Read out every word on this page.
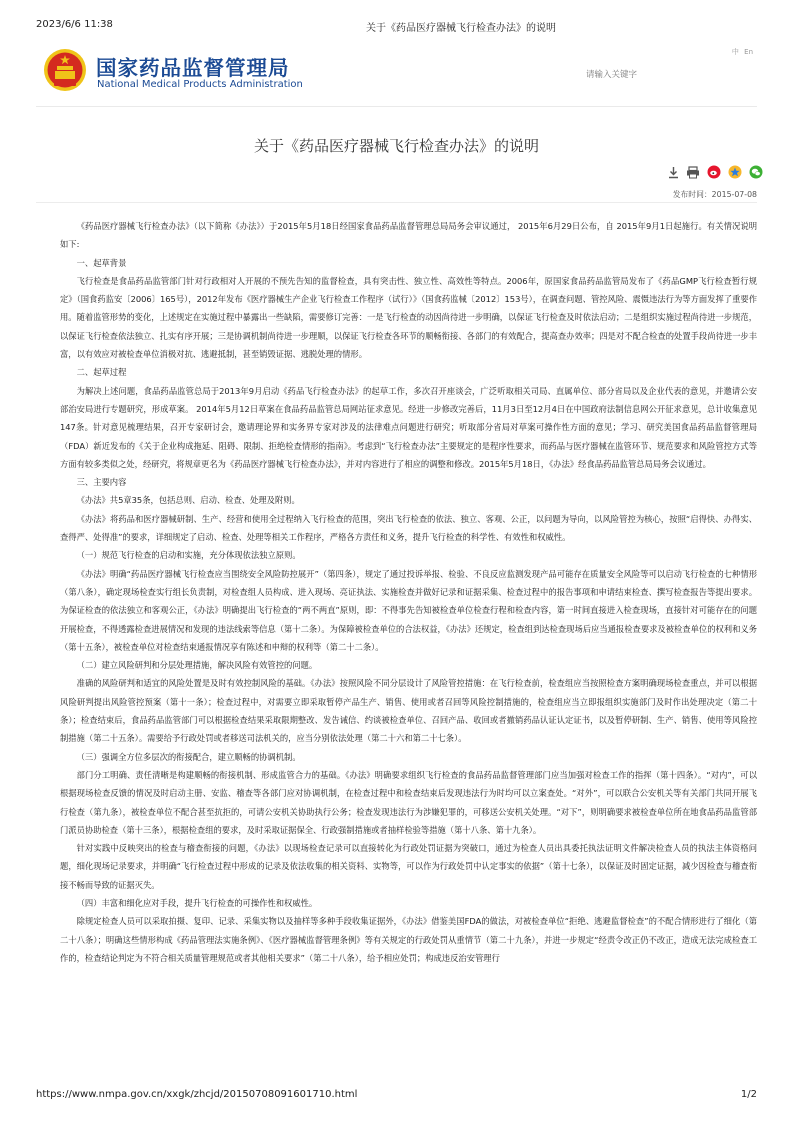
2023/6/6 11:38	关于《药品医疗器械飞行检查办法》的说明
国家药品监督管理局
National Medical Products Administration
中 En
请输入关键字
关于《药品医疗器械飞行检查办法》的说明

发布时间：2015-07-08

《药品医疗器械飞行检查办法》（以下简称《办法》）于2015年5月18日经国家食品药品监督管理总局局务会审议通过， 2015年6月29日公布，自 2015年9月1日起施行。有关情况说明如下:

一、起草背景

飞行检查是食品药品监管部门针对行政相对人开展的不预先告知的监督检查，具有突击性、独立性、高效性等特点。2006年，原国家食品药品监管局发布了《药品GMP飞行检查暂行规定》（国食药监安〔2006〕165号），2012年发布《医疗器械生产企业飞行检查工作程序（试行）》（国食药监械〔2012〕153号），在调查问题、管控风险、震慑违法行为等方面发挥了重要作用。随着监管形势的变化，上述规定在实施过程中暴露出一些缺陷，需要修订完善：一是飞行检查的动因尚待进一步明确，以保证飞行检查及时依法启动；二是组织实施过程尚待进一步规范，以保证飞行检查依法独立、扎实有序开展；三是协调机制尚待进一步理顺，以保证飞行检查各环节的顺畅衔接、各部门的有效配合，提高查办效率；四是对不配合检查的处置手段尚待进一步丰富，以有效应对被检查单位消极对抗、逃避抵制，甚至销毁证据、逃脱处理的情形。

二、起草过程

为解决上述问题，食品药品监管总局于2013年9月启动《药品飞行检查办法》的起草工作，多次召开座谈会，广泛听取相关司局、直属单位、部分省局以及企业代表的意见，并邀请公安部治安局进行专题研究，形成草案。 2014年5月12日草案在食品药品监管总局网站征求意见。经进一步修改完善后，11月3日至12月4日在中国政府法制信息网公开征求意见，总计收集意见147条。针对意见梳理结果，召开专家研讨会，邀请理论界和实务界专家对涉及的法律难点问题进行研究；听取部分省局对草案可操作性方面的意见；学习、研究美国食品药品监督管理局（FDA）新近发布的《关于企业构成拖延、阻碍、限制、拒绝检查情形的指南》。考虑到“飞行检查办法”主要规定的是程序性要求，而药品与医疗器械在监管环节、规范要求和风险管控方式等方面有较多类似之处，经研究，将规章更名为《药品医疗器械飞行检查办法》，并对内容进行了相应的调整和修改。2015年5月18日，《办法》经食品药品监管总局局务会议通过。

三、主要内容

《办法》共5章35条，包括总则、启动、检查、处理及附则。

《办法》将药品和医疗器械研制、生产、经营和使用全过程纳入飞行检查的范围，突出飞行检查的依法、独立、客观、公正，以问题为导向，以风险管控为核心，按照“启得快、办得实、查得严、处得准”的要求，详细规定了启动、检查、处理等相关工作程序，严格各方责任和义务，提升飞行检查的科学性、有效性和权威性。

（一）规范飞行检查的启动和实施，充分体现依法独立原则。

《办法》明确“药品医疗器械飞行检查应当围绕安全风险防控展开”（第四条），规定了通过投诉举报、检验、不良反应监测发现产品可能存在质量安全风险等可以启动飞行检查的七种情形（第八条），确定现场检查实行组长负责制，对检查组人员构成、进入现场、亮证执法、实施检查并做好记录和证据采集、检查过程中的报告事项和申请结束检查、撰写检查报告等提出要求。为保证检查的依法独立和客观公正，《办法》明确提出飞行检查的“两不两直”原则，即：不得事先告知被检查单位检查行程和检查内容，第一时间直接进入检查现场，直接针对可能存在的问题开展检查，不得透露检查进展情况和发现的违法线索等信息（第十二条）。为保障被检查单位的合法权益，《办法》还规定，检查组到达检查现场后应当通报检查要求及被检查单位的权利和义务（第十五条），被检查单位对检查结束通报情况享有陈述和申辩的权利等（第二十二条）。

（二）建立风险研判和分层处理措施，解决风险有效管控的问题。

准确的风险研判和适宜的风险处置是及时有效控制风险的基础。《办法》按照风险不同分层设计了风险管控措施：在飞行检查前，检查组应当按照检查方案明确现场检查重点，并可以根据风险研判提出风险管控预案（第十一条）；检查过程中，对需要立即采取暂停产品生产、销售、使用或者召回等风险控制措施的，检查组应当立即报组织实施部门及时作出处理决定（第二十条）；检查结束后，食品药品监管部门可以根据检查结果采取限期整改、发告诫信、约谈被检查单位、召回产品、收回或者撤销药品认证认定证书，以及暂停研制、生产、销售、使用等风险控制措施（第二十五条）。需要给予行政处罚或者移送司法机关的，应当分别依法处理（第二十六和第二十七条）。

（三）强调全方位多层次的衔接配合，建立顺畅的协调机制。

部门分工明确、责任清晰是构建顺畅的衔接机制、形成监管合力的基础。《办法》明确要求组织飞行检查的食品药品监督管理部门应当加强对检查工作的指挥（第十四条）。“对内”，可以根据现场检查反馈的情况及时启动主册、安监、稽查等各部门应对协调机制，在检查过程中和检查结束后发现违法行为时均可以立案查处。“对外”，可以联合公安机关等有关部门共同开展飞行检查（第九条），被检查单位不配合甚至抗拒的，可请公安机关协助执行公务；检查发现违法行为涉嫌犯罪的，可移送公安机关处理。“对下”，则明确要求被检查单位所在地食品药品监管部门派员协助检查（第十三条），根据检查组的要求，及时采取证据保全、行政强制措施或者抽样检验等措施（第十八条、第十九条）。

针对实践中反映突出的检查与稽查衔接的问题，《办法》以现场检查记录可以直接转化为行政处罚证据为突破口，通过为检查人员出具委托执法证明文件解决检查人员的执法主体资格问题，细化现场记录要求，并明确“飞行检查过程中形成的记录及依法收集的相关资料、实物等，可以作为行政处罚中认定事实的依据”（第十七条），以保证及时固定证据，减少因检查与稽查衔接不畅而导致的证据灭失。

（四）丰富和细化应对手段，提升飞行检查的可操作性和权威性。

除规定检查人员可以采取拍摄、复印、记录、采集实物以及抽样等多种手段收集证据外，《办法》借鉴美国FDA的做法，对被检查单位“拒绝、逃避监督检查”的不配合情形进行了细化（第二十八条）；明确这些情形构成《药品管理法实施条例》、《医疗器械监督管理条例》等有关规定的行政处罚从重情节（第二十九条），并进一步规定“经责令改正仍不改正，造成无法完成检查工作的，检查结论判定为不符合相关质量管理规范或者其他相关要求”（第二十八条），给予相应处罚；构成违反治安管理行

https://www.nmpa.gov.cn/xxgk/zhcjd/20150708091601710.html	1/2
